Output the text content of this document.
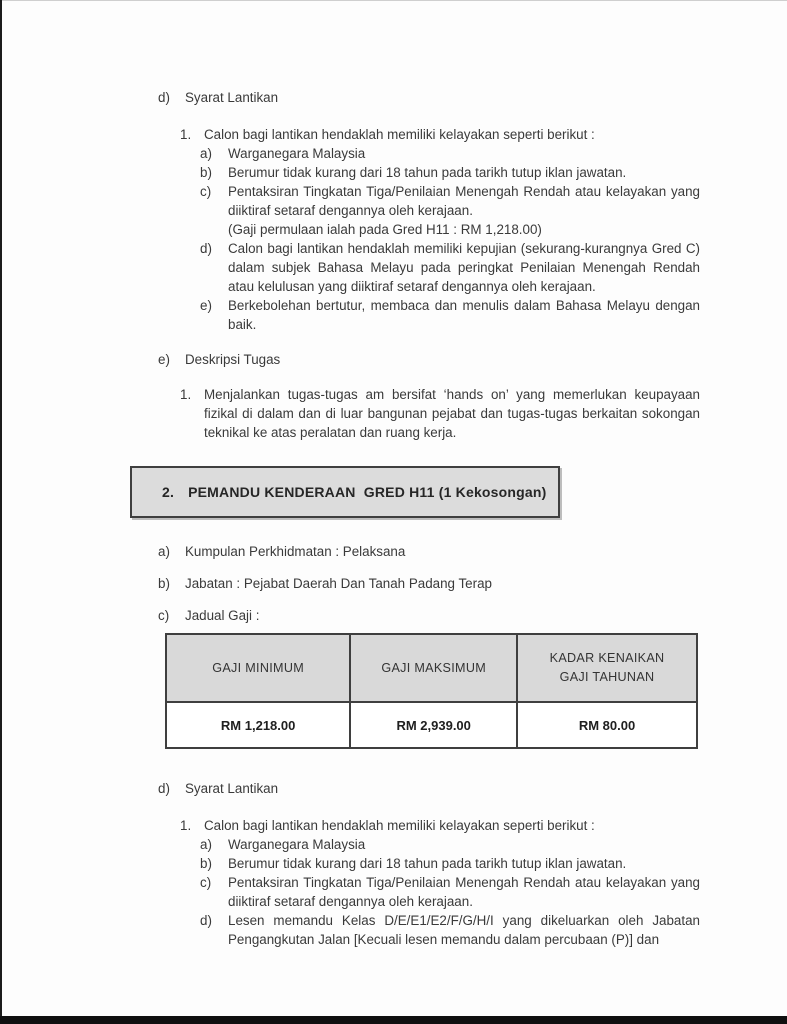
d)	Syarat Lantikan
1. Calon bagi lantikan hendaklah memiliki kelayakan seperti berikut :
a)	Warganegara Malaysia
b)	Berumur tidak kurang dari 18 tahun pada tarikh tutup iklan jawatan.
c)	Pentaksiran Tingkatan Tiga/Penilaian Menengah Rendah atau kelayakan yang diiktiraf setaraf dengannya oleh kerajaan.
(Gaji permulaan ialah pada Gred H11 : RM 1,218.00)
d)	Calon bagi lantikan hendaklah memiliki kepujian (sekurang-kurangnya Gred C) dalam subjek Bahasa Melayu pada peringkat Penilaian Menengah Rendah atau kelulusan yang diiktiraf setaraf dengannya oleh kerajaan.
e)	Berkebolehan bertutur, membaca dan menulis dalam Bahasa Melayu dengan baik.
e)	Deskripsi Tugas
1. Menjalankan tugas-tugas am bersifat ‘hands on’ yang memerlukan keupayaan fizikal di dalam dan di luar bangunan pejabat dan tugas-tugas berkaitan sokongan teknikal ke atas peralatan dan ruang kerja.
2. PEMANDU KENDERAAN  GRED H11 (1 Kekosongan)
a)	Kumpulan Perkhidmatan : Pelaksana
b)	Jabatan : Pejabat Daerah Dan Tanah Padang Terap
c)	Jadual Gaji :
GAJI MINIMUM	GAJI MAKSIMUM	KADAR KENAIKAN GAJI TAHUNAN
RM 1,218.00	RM 2,939.00	RM 80.00
d)	Syarat Lantikan
1. Calon bagi lantikan hendaklah memiliki kelayakan seperti berikut :
a)	Warganegara Malaysia
b)	Berumur tidak kurang dari 18 tahun pada tarikh tutup iklan jawatan.
c)	Pentaksiran Tingkatan Tiga/Penilaian Menengah Rendah atau kelayakan yang diiktiraf setaraf dengannya oleh kerajaan.
d)	Lesen memandu Kelas D/E/E1/E2/F/G/H/I yang dikeluarkan oleh Jabatan Pengangkutan Jalan [Kecuali lesen memandu dalam percubaan (P)] dan
